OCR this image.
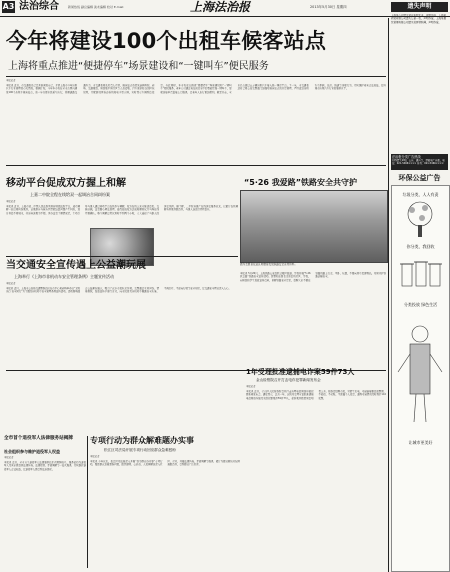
A3 法治综合	新闻热线 副总编辑 美术编辑 校对 E-mail:	上海法治报	2013年5月30日 星期四
今年将建设100个出租车候客站点
上海将重点推进“便捷停车”场景建设和“一键叫车”便民服务
本报记者
本报讯 近日，市交通委员会召开新闻发布会，介绍上海市今年出租汽车行业管理的有关情况。根据计划，今年本市将在全市范围内建设100个出租车候客站点，进一步方便市民乘车出行，缓解道路交通压力。市交通委相关负责人介绍，候客站点将优先选择医院、商场、交通枢纽、居民集中居住区等人员密集、打车需求旺盛的区域设置，并配套设置标志标线和电子显示屏，实时显示车辆到达信息。与此同时，本市将重点推进“便捷停车”场景建设和“一键叫车”便民服务，老年人可通过电话或者家中的智能终端一键叫车，驾驶员接单后直接上门服务，让老年人出行更加便利。截至目前，全市已有超过五万辆出租汽车接入统一调度平台。下一步，市交通委还将会同公安交警部门加强对候客站点的日常管理，严厉查处出租汽车拒载、议价、绕道等违规行为，切实维护乘客合法权益，提升城市出租汽车行业的服务水平。
移动平台促成双方握上和解
上嘉二中院全程在线给双一起调冶合同纠纷案
本报记者
本报讯 近日，上海市第二中级人民法院利用移动微法院平台，成功调解一起合同纠纷案件。该案原告与被告因货款结算问题产生纠纷，双方身处不同城市，往返奔波极为不便。承办法官了解情况后，主动引导当事人通过移动平台在线参与调解，双方在线上充分陈述意见、交换证据，法官耐心释法说理，最终促成双方达成和解协议并当场在线签署确认。整个调解过程仅用时不到两个小时，大大减轻了当事人的诉讼负担。据了解，二中院自推广在线诉讼服务以来，已累计在线调解各类案件数百件，当事人满意度持续提升。
“5·26 我爱路”铁路安全共守护
图为志愿者在站区向旅客发放铁路安全宣传资料。
本报讯 5月26日，上海铁路公安处联合辖区街道、学校开展“5·26 我爱路”铁路安全宣传活动。民警和志愿者走进沿线社区、学校，向居民和学生发放宣传资料，讲解铁路安全常识，提醒大家不要在铁路线路上行走、坐卧、玩耍，不要向列车投掷物品，共同守护铁路运输安全。
当交通安全宣传遇上公益潮玩展
上海举行《上海市非机动车安全管理条例》主题宣传活动
本报记者
本报讯 近日，上海市公安局交通警察总队在市中心某商场举办以“文明出行 安全同行”为主题的非机动车安全管理条例宣传活动。活动现场融合公益潮玩展示，吸引了众多市民驻足参观。交警通过互动问答、情景模拟、发放宣传手册等方式，向市民普及非机动车佩戴安全头盔、不闯红灯、不逆向行驶等安全知识，让交通安全理念深入人心。
1年受理批准逮捕电诈案59件73人
金山检察院召开打击电诈犯罪新闻发布会
本报记者
本报讯 近日，金山区人民检察院召开打击治理电信网络诈骗犯罪新闻发布会。通报显示，过去一年，该院共受理审查批准逮捕电信网络诈骗及关联犯罪案件59件73人，起诉案件数量同比明显上升。检察官提醒市民，对陌生来电、可疑链接要提高警惕，不轻信、不转账、不透露个人信息，遇到可疑情况及时拨打110报警。
专项行动为群众解难题办实事
松江区司法局开展专项行动回应群众急难愁盼
本报记者
本报讯 今年以来，松江区司法局深入开展“我为群众办实事”专项行动，聚焦群众急难愁盼问题，组织律师、公证员、人民调解员深入社区、企业，开展法律咨询、矛盾调解等服务，累计为群众解决实际困难数百件，受到群众广泛好评。
全市首个退役军人法律服务站揭牌
社会组织参与维护退役军人权益
本报记者
本报讯 近日，全市首个退役军人法律服务站正式揭牌成立。服务站将为退役军人及其家属提供法律咨询、法律援助、矛盾调解等一站式服务，切实维护退役军人合法权益，让退役军人感受到法治温暖。
遗失声明
上海某公司遗失营业执照正本，声明作废。上海某商贸有限公司遗失公章一枚，声明作废。上海某餐饮管理有限公司遗失发票领购簿，声明作废。
法治报分类广告热线
刊登遗失声明、公告、通告等，请致电广告部。电话：021-5466×××× 传真：021-5466××××
环保公益广告
垃圾分类，人人有责
你分类，我回收
分类投放 绿色生活
让城市更美好
